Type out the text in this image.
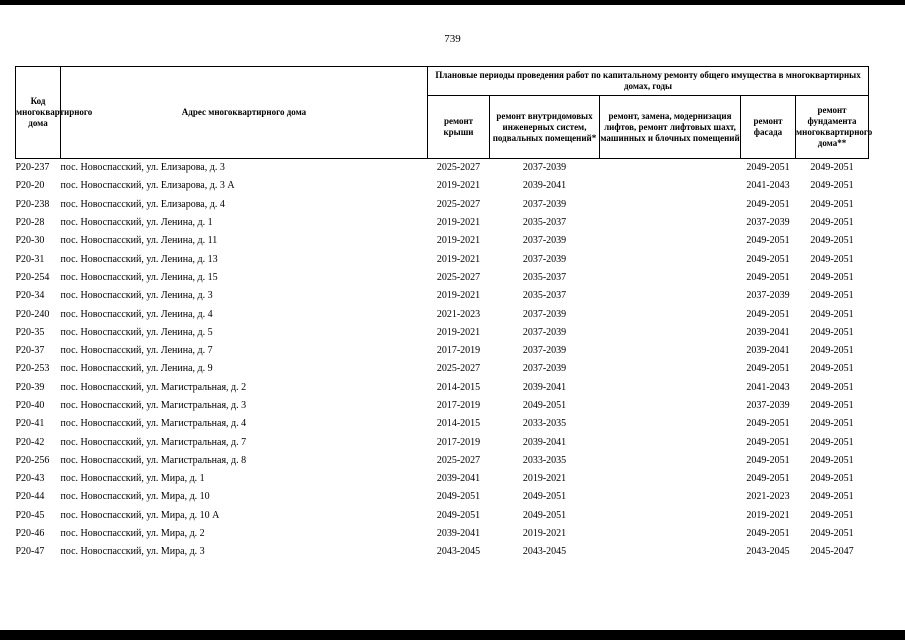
739
Код многоквартирного дома	Адрес многоквартирного дома	Плановые периоды проведения работ по капитальному ремонту общего имущества в многоквартирных домах, годы				
		ремонт крыши	ремонт внутридомовых инженерных систем, подвальных помещений*	ремонт, замена, модернизация лифтов, ремонт лифтовых шахт, машинных и блочных помещений	ремонт фасада	ремонт фундамента многоквартирного дома**
Р20-237	пос. Новоспасский, ул. Елизарова, д. 3	2025-2027	2037-2039		2049-2051	2049-2051
Р20-20	пос. Новоспасский, ул. Елизарова, д. 3 А	2019-2021	2039-2041		2041-2043	2049-2051
Р20-238	пос. Новоспасский, ул. Елизарова, д. 4	2025-2027	2037-2039		2049-2051	2049-2051
Р20-28	пос. Новоспасский, ул. Ленина, д. 1	2019-2021	2035-2037		2037-2039	2049-2051
Р20-30	пос. Новоспасский, ул. Ленина, д. 11	2019-2021	2037-2039		2049-2051	2049-2051
Р20-31	пос. Новоспасский, ул. Ленина, д. 13	2019-2021	2037-2039		2049-2051	2049-2051
Р20-254	пос. Новоспасский, ул. Ленина, д. 15	2025-2027	2035-2037		2049-2051	2049-2051
Р20-34	пос. Новоспасский, ул. Ленина, д. 3	2019-2021	2035-2037		2037-2039	2049-2051
Р20-240	пос. Новоспасский, ул. Ленина, д. 4	2021-2023	2037-2039		2049-2051	2049-2051
Р20-35	пос. Новоспасский, ул. Ленина, д. 5	2019-2021	2037-2039		2039-2041	2049-2051
Р20-37	пос. Новоспасский, ул. Ленина, д. 7	2017-2019	2037-2039		2039-2041	2049-2051
Р20-253	пос. Новоспасский, ул. Ленина, д. 9	2025-2027	2037-2039		2049-2051	2049-2051
Р20-39	пос. Новоспасский, ул. Магистральная, д. 2	2014-2015	2039-2041		2041-2043	2049-2051
Р20-40	пос. Новоспасский, ул. Магистральная, д. 3	2017-2019	2049-2051		2037-2039	2049-2051
Р20-41	пос. Новоспасский, ул. Магистральная, д. 4	2014-2015	2033-2035		2049-2051	2049-2051
Р20-42	пос. Новоспасский, ул. Магистральная, д. 7	2017-2019	2039-2041		2049-2051	2049-2051
Р20-256	пос. Новоспасский, ул. Магистральная, д. 8	2025-2027	2033-2035		2049-2051	2049-2051
Р20-43	пос. Новоспасский, ул. Мира, д. 1	2039-2041	2019-2021		2049-2051	2049-2051
Р20-44	пос. Новоспасский, ул. Мира, д. 10	2049-2051	2049-2051		2021-2023	2049-2051
Р20-45	пос. Новоспасский, ул. Мира, д. 10 А	2049-2051	2049-2051		2019-2021	2049-2051
Р20-46	пос. Новоспасский, ул. Мира, д. 2	2039-2041	2019-2021		2049-2051	2049-2051
Р20-47	пос. Новоспасский, ул. Мира, д. 3	2043-2045	2043-2045		2043-2045	2045-2047
